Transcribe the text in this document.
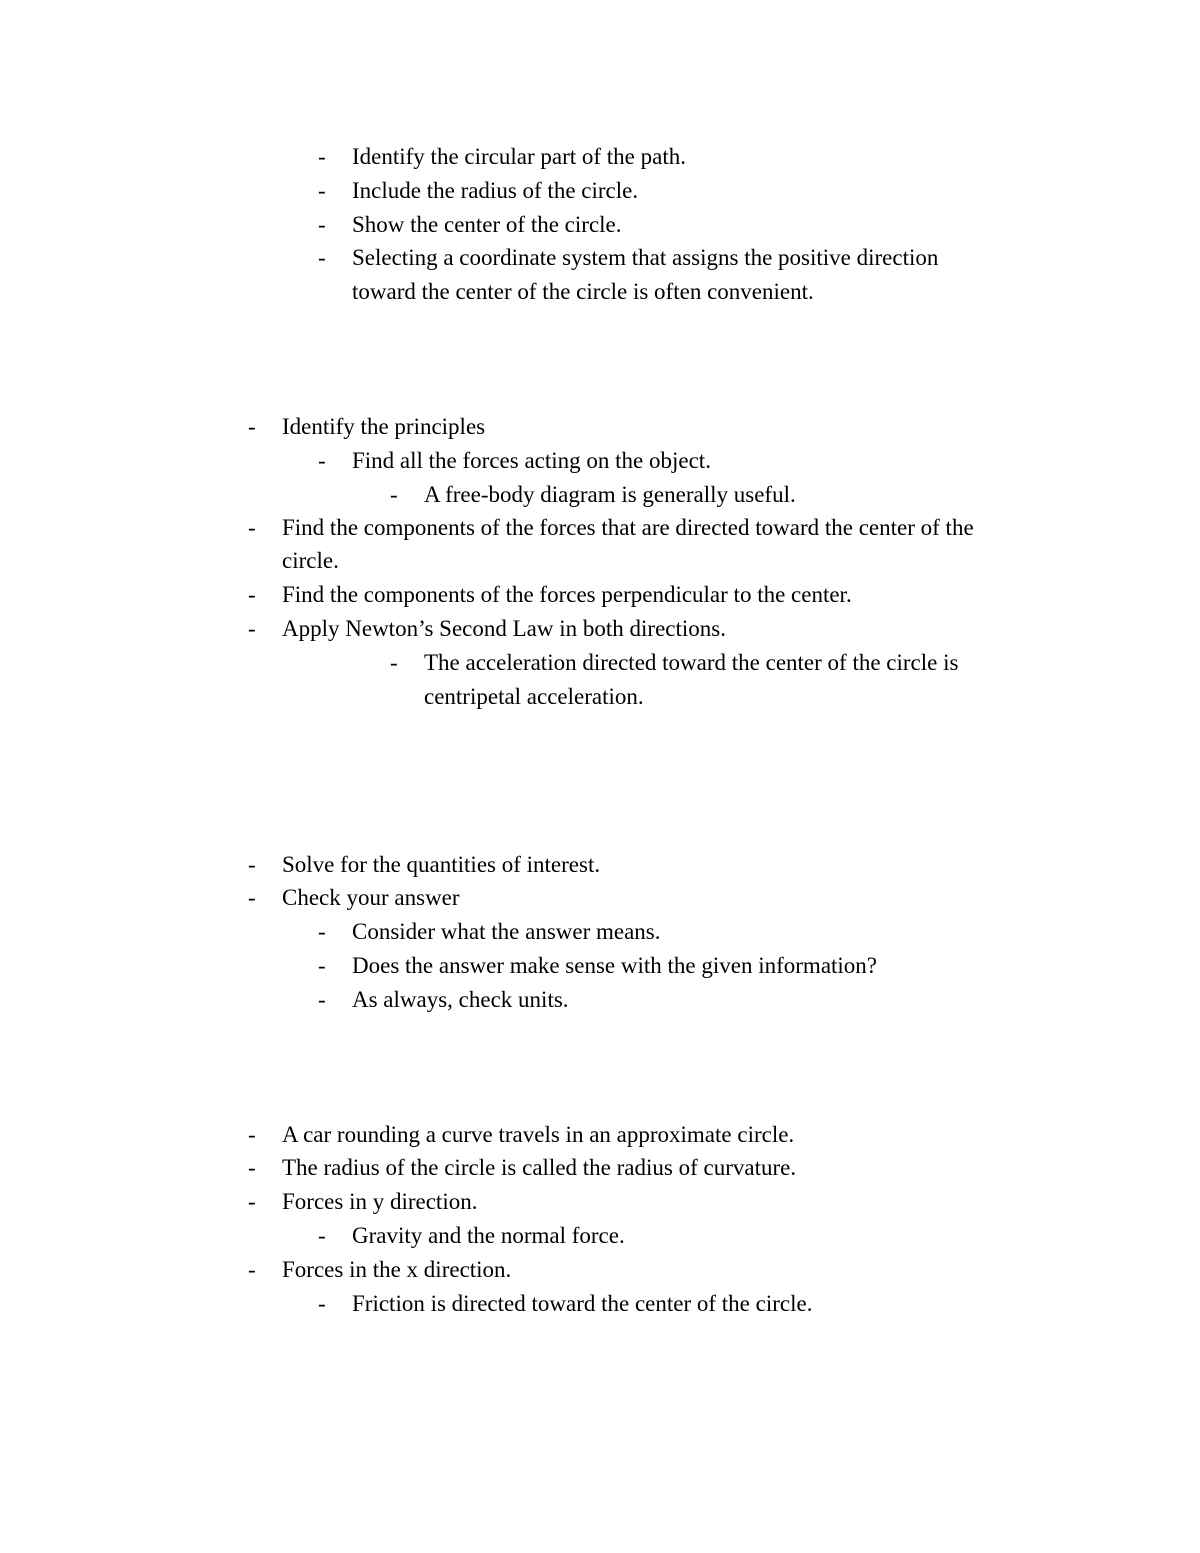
- Identify the circular part of the path.
- Include the radius of the circle.
- Show the center of the circle.
- Selecting a coordinate system that assigns the positive direction
toward the center of the circle is often convenient.
- Identify the principles
- Find all the forces acting on the object.
- A free-body diagram is generally useful.
- Find the components of the forces that are directed toward the center of the
circle.
- Find the components of the forces perpendicular to the center.
- Apply Newton’s Second Law in both directions.
- The acceleration directed toward the center of the circle is
centripetal acceleration.
- Solve for the quantities of interest.
- Check your answer
- Consider what the answer means.
- Does the answer make sense with the given information?
- As always, check units.
- A car rounding a curve travels in an approximate circle.
- The radius of the circle is called the radius of curvature.
- Forces in y direction.
- Gravity and the normal force.
- Forces in the x direction.
- Friction is directed toward the center of the circle.
